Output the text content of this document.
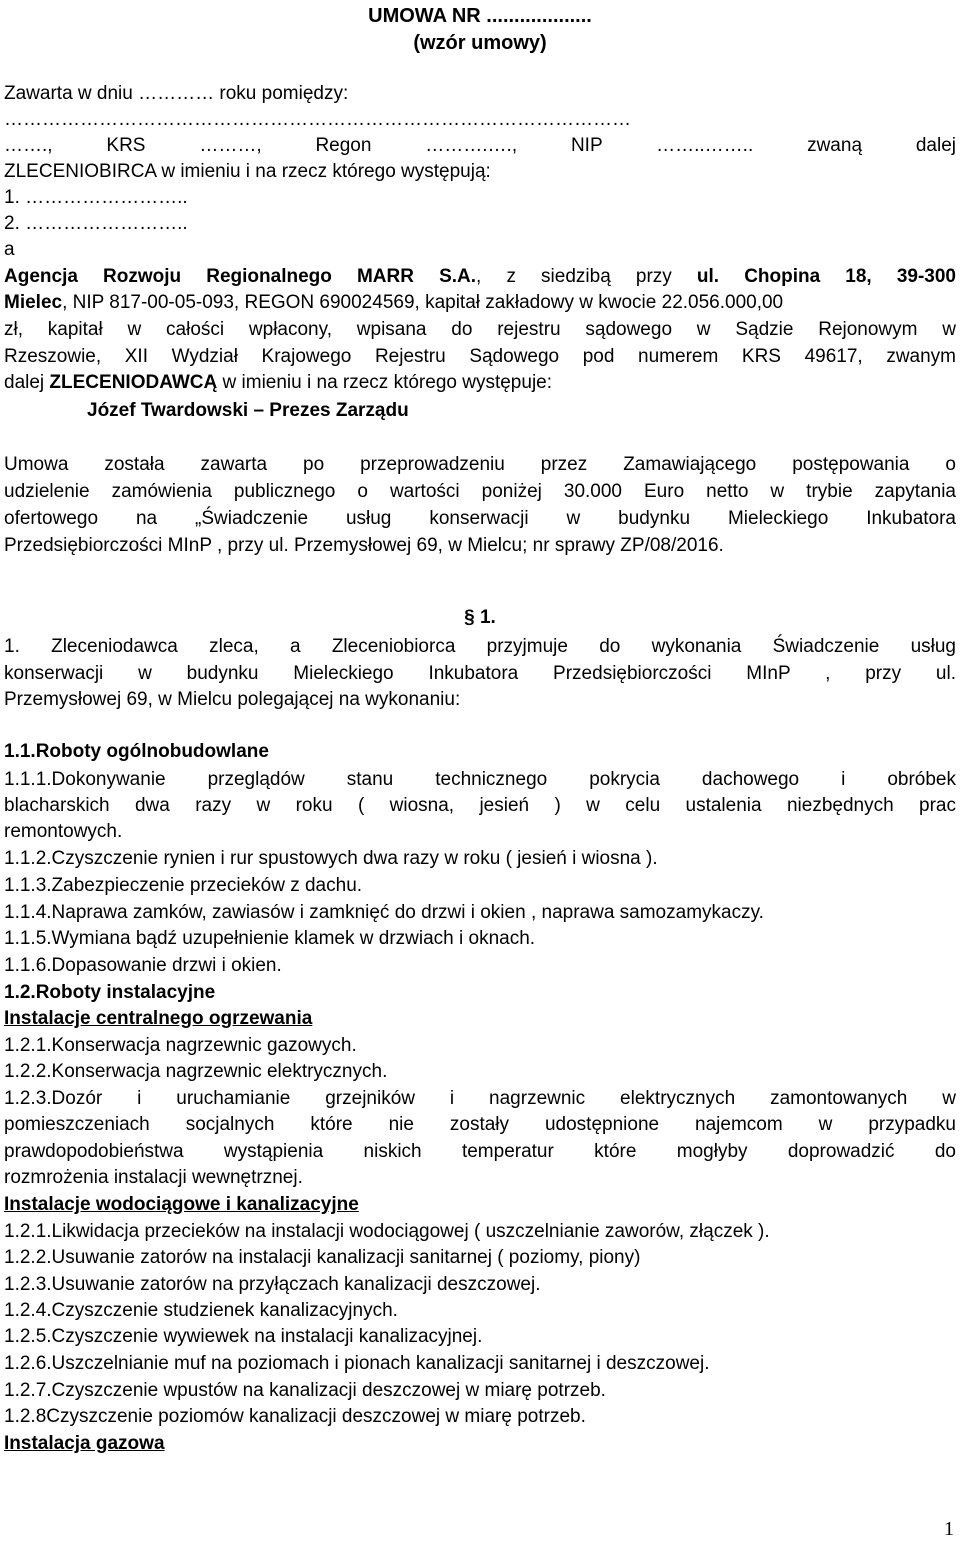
UMOWA NR ...................
(wzór umowy)
Zawarta w dniu ………… roku pomiędzy:
………………………………………………………………………………………
……., KRS ………, Regon ……….…., NIP ……..…….. zwaną dalej
ZLECENIOBIRCA w imieniu i na rzecz którego występują:
1. ……………………..
2. ……………………..
a
Agencja Rozwoju Regionalnego MARR S.A., z siedzibą przy ul. Chopina 18, 39-300
Mielec, NIP 817-00-05-093, REGON 690024569, kapitał zakładowy w kwocie 22.056.000,00
zł, kapitał w całości wpłacony, wpisana do rejestru sądowego w Sądzie Rejonowym w
Rzeszowie, XII Wydział Krajowego Rejestru Sądowego pod numerem KRS 49617, zwanym
dalej ZLECENIODAWCĄ w imieniu i na rzecz którego występuje:
Józef Twardowski – Prezes Zarządu
Umowa została zawarta po przeprowadzeniu przez Zamawiającego postępowania o
udzielenie zamówienia publicznego o wartości poniżej 30.000 Euro netto w trybie zapytania
ofertowego na „Świadczenie usług konserwacji w budynku Mieleckiego Inkubatora
Przedsiębiorczości MInP , przy ul. Przemysłowej 69, w Mielcu; nr sprawy ZP/08/2016.
§ 1.
1. Zleceniodawca zleca, a Zleceniobiorca przyjmuje do wykonania Świadczenie usług
konserwacji w budynku Mieleckiego Inkubatora Przedsiębiorczości MInP , przy ul.
Przemysłowej 69, w Mielcu polegającej na wykonaniu:
1.1.Roboty ogólnobudowlane
1.1.1.Dokonywanie przeglądów stanu technicznego pokrycia dachowego i obróbek
blacharskich dwa razy w roku ( wiosna, jesień ) w celu ustalenia niezbędnych prac
remontowych.
1.1.2.Czyszczenie rynien i rur spustowych dwa razy w roku ( jesień i wiosna ).
1.1.3.Zabezpieczenie przecieków z dachu.
1.1.4.Naprawa zamków, zawiasów i zamknięć do drzwi i okien , naprawa samozamykaczy.
1.1.5.Wymiana bądź uzupełnienie klamek w drzwiach i oknach.
1.1.6.Dopasowanie drzwi i okien.
1.2.Roboty instalacyjne
Instalacje centralnego ogrzewania
1.2.1.Konserwacja nagrzewnic gazowych.
1.2.2.Konserwacja nagrzewnic elektrycznych.
1.2.3.Dozór i uruchamianie grzejników i nagrzewnic elektrycznych zamontowanych w
pomieszczeniach socjalnych które nie zostały udostępnione najemcom w przypadku
prawdopodobieństwa wystąpienia niskich temperatur które mogłyby doprowadzić do
rozmrożenia instalacji wewnętrznej.
Instalacje wodociągowe i kanalizacyjne
1.2.1.Likwidacja przecieków na instalacji wodociągowej ( uszczelnianie zaworów, złączek ).
1.2.2.Usuwanie zatorów na instalacji kanalizacji sanitarnej ( poziomy, piony)
1.2.3.Usuwanie zatorów na przyłączach kanalizacji deszczowej.
1.2.4.Czyszczenie studzienek kanalizacyjnych.
1.2.5.Czyszczenie wywiewek na instalacji kanalizacyjnej.
1.2.6.Uszczelnianie muf na poziomach i pionach kanalizacji sanitarnej i deszczowej.
1.2.7.Czyszczenie wpustów na kanalizacji deszczowej w miarę potrzeb.
1.2.8Czyszczenie poziomów kanalizacji deszczowej w miarę potrzeb.
Instalacja gazowa
1
